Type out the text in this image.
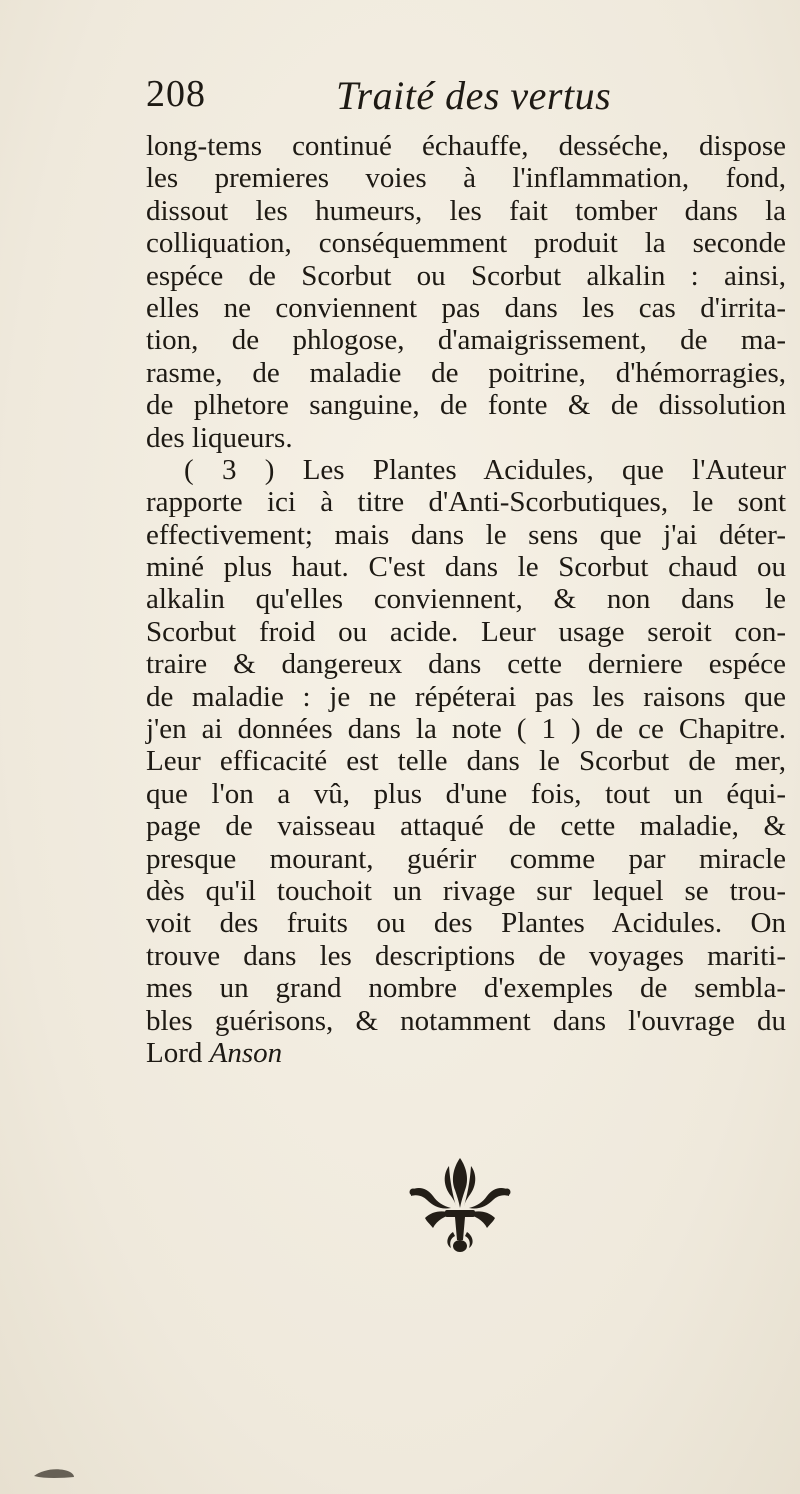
208	Traité des vertus
long-tems continué échauffe, desséche, dispose
les premieres voies à l'inflammation, fond,
dissout les humeurs, les fait tomber dans la
colliquation, conséquemment produit la seconde
espéce de Scorbut ou Scorbut alkalin : ainsi,
elles ne conviennent pas dans les cas d'irrita-
tion, de phlogose, d'amaigrissement, de ma-
rasme, de maladie de poitrine, d'hémorragies,
de plhetore sanguine, de fonte & de dissolution
des liqueurs.
( 3 ) Les Plantes Acidules, que l'Auteur
rapporte ici à titre d'Anti-Scorbutiques, le sont
effectivement; mais dans le sens que j'ai déter-
miné plus haut. C'est dans le Scorbut chaud ou
alkalin qu'elles conviennent, & non dans le
Scorbut froid ou acide. Leur usage seroit con-
traire & dangereux dans cette derniere espéce
de maladie : je ne répéterai pas les raisons que
j'en ai données dans la note ( 1 ) de ce Chapitre.
Leur efficacité est telle dans le Scorbut de mer,
que l'on a vû, plus d'une fois, tout un équi-
page de vaisseau attaqué de cette maladie, &
presque mourant, guérir comme par miracle
dès qu'il touchoit un rivage sur lequel se trou-
voit des fruits ou des Plantes Acidules. On
trouve dans les descriptions de voyages mariti-
mes un grand nombre d'exemples de sembla-
bles guérisons, & notamment dans l'ouvrage du
Lord Anson
